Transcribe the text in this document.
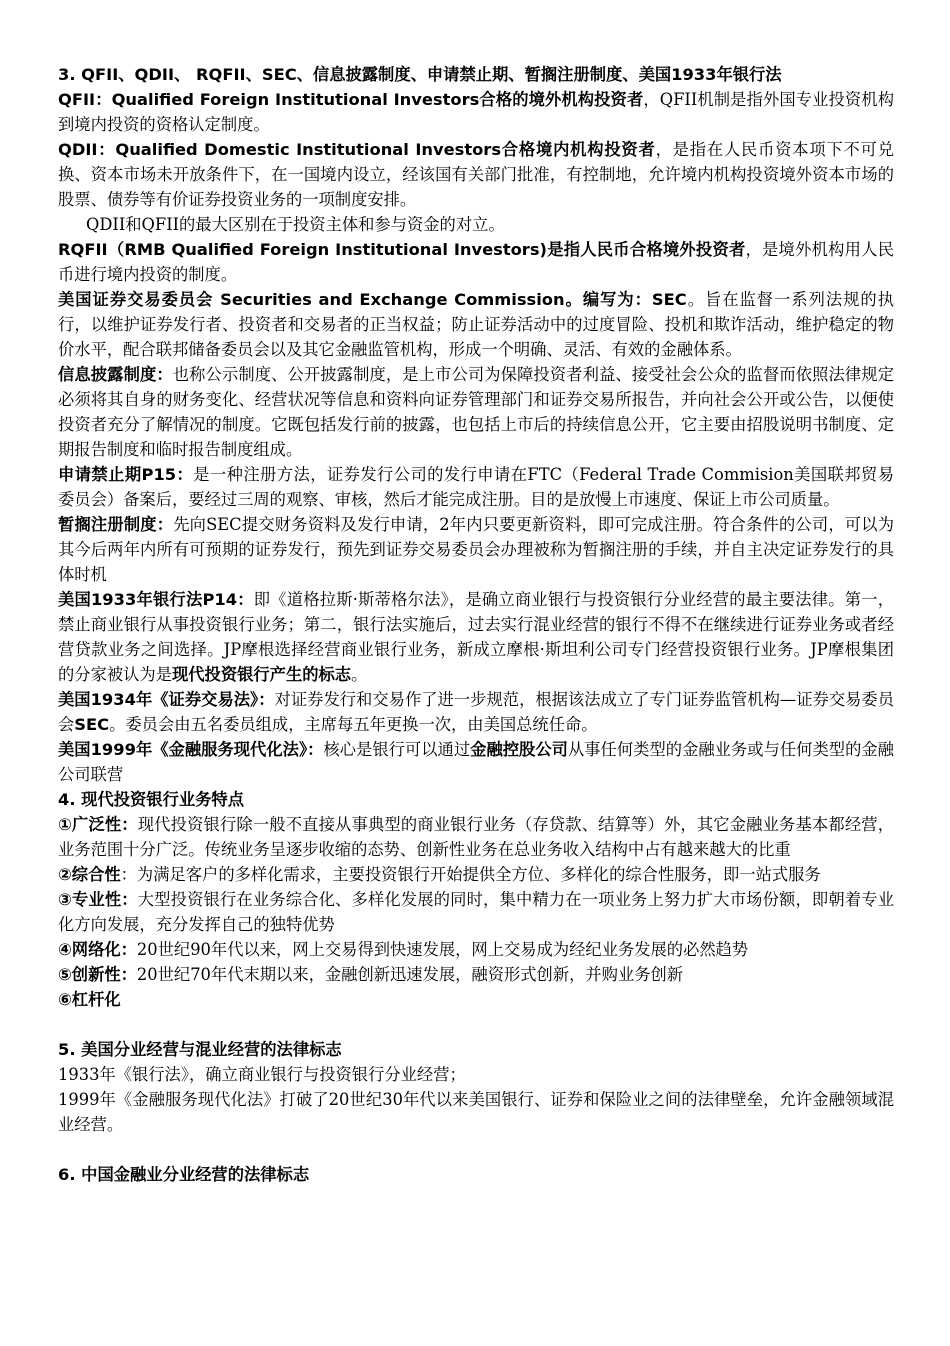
3. QFII、QDII、 RQFII、SEC、信息披露制度、申请禁止期、暂搁注册制度、美国1933年银行法

QFII：Qualified Foreign Institutional Investors合格的境外机构投资者，QFII机制是指外国专业投资机构到境内投资的资格认定制度。

QDII：Qualified Domestic Institutional Investors合格境内机构投资者，是指在人民币资本项下不可兑换、资本市场未开放条件下，在一国境内设立，经该国有关部门批准，有控制地，允许境内机构投资境外资本市场的股票、债券等有价证券投资业务的一项制度安排。

QDII和QFII的最大区别在于投资主体和参与资金的对立。

RQFII（RMB Qualified Foreign Institutional Investors)是指人民币合格境外投资者，是境外机构用人民币进行境内投资的制度。

美国证券交易委员会 Securities and Exchange Commission。编写为：SEC。旨在监督一系列法规的执行，以维护证券发行者、投资者和交易者的正当权益；防止证券活动中的过度冒险、投机和欺诈活动，维护稳定的物价水平，配合联邦储备委员会以及其它金融监管机构，形成一个明确、灵活、有效的金融体系。

信息披露制度：也称公示制度、公开披露制度，是上市公司为保障投资者利益、接受社会公众的监督而依照法律规定必须将其自身的财务变化、经营状况等信息和资料向证券管理部门和证券交易所报告，并向社会公开或公告，以便使投资者充分了解情况的制度。它既包括发行前的披露，也包括上市后的持续信息公开，它主要由招股说明书制度、定期报告制度和临时报告制度组成。

申请禁止期P15：是一种注册方法，证券发行公司的发行申请在FTC（Federal Trade Commision美国联邦贸易委员会）备案后，要经过三周的观察、审核，然后才能完成注册。目的是放慢上市速度、保证上市公司质量。

暂搁注册制度：先向SEC提交财务资料及发行申请，2年内只要更新资料，即可完成注册。符合条件的公司，可以为其今后两年内所有可预期的证券发行，预先到证券交易委员会办理被称为暂搁注册的手续，并自主决定证券发行的具体时机

美国1933年银行法P14：即《道格拉斯·斯蒂格尔法》，是确立商业银行与投资银行分业经营的最主要法律。第一，禁止商业银行从事投资银行业务；第二，银行法实施后，过去实行混业经营的银行不得不在继续进行证券业务或者经营贷款业务之间选择。JP摩根选择经营商业银行业务，新成立摩根·斯坦利公司专门经营投资银行业务。JP摩根集团的分家被认为是现代投资银行产生的标志。

美国1934年《证券交易法》：对证券发行和交易作了进一步规范，根据该法成立了专门证券监管机构—证券交易委员会SEC。委员会由五名委员组成，主席每五年更换一次，由美国总统任命。

美国1999年《金融服务现代化法》：核心是银行可以通过金融控股公司从事任何类型的金融业务或与任何类型的金融公司联营

4. 现代投资银行业务特点

①广泛性：现代投资银行除一般不直接从事典型的商业银行业务（存贷款、结算等）外，其它金融业务基本都经营，业务范围十分广泛。传统业务呈逐步收缩的态势、创新性业务在总业务收入结构中占有越来越大的比重

②综合性：为满足客户的多样化需求，主要投资银行开始提供全方位、多样化的综合性服务，即一站式服务

③专业性：大型投资银行在业务综合化、多样化发展的同时，集中精力在一项业务上努力扩大市场份额，即朝着专业化方向发展，充分发挥自己的独特优势

④网络化：20世纪90年代以来，网上交易得到快速发展，网上交易成为经纪业务发展的必然趋势

⑤创新性：20世纪70年代末期以来，金融创新迅速发展，融资形式创新，并购业务创新

⑥杠杆化

5. 美国分业经营与混业经营的法律标志

1933年《银行法》，确立商业银行与投资银行分业经营；

1999年《金融服务现代化法》打破了20世纪30年代以来美国银行、证券和保险业之间的法律壁垒，允许金融领域混业经营。

6. 中国金融业分业经营的法律标志
